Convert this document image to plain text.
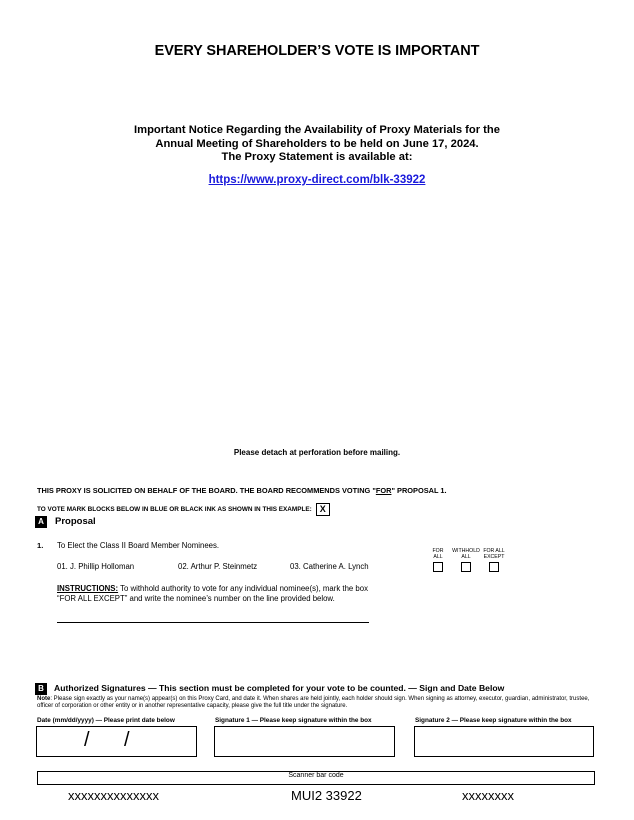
EVERY SHAREHOLDER’S VOTE IS IMPORTANT
Important Notice Regarding the Availability of Proxy Materials for the
Annual Meeting of Shareholders to be held on June 17, 2024.
The Proxy Statement is available at:
https://www.proxy-direct.com/blk-33922
Please detach at perforation before mailing.
THIS PROXY IS SOLICITED ON BEHALF OF THE BOARD. THE BOARD RECOMMENDS VOTING "FOR" PROPOSAL 1.
TO VOTE MARK BLOCKS BELOW IN BLUE OR BLACK INK AS SHOWN IN THIS EXAMPLE: X
A	Proposal
1. To Elect the Class II Board Member Nominees.
01. J. Phillip Holloman	02. Arthur P. Steinmetz	03. Catherine A. Lynch
FOR
ALL
WITHHOLD
ALL
FOR ALL
EXCEPT
INSTRUCTIONS: To withhold authority to vote for any individual nominee(s), mark the box “FOR ALL EXCEPT” and write the nominee’s number on the line provided below.
B	Authorized Signatures — This section must be completed for your vote to be counted. — Sign and Date Below
Note: Please sign exactly as your name(s) appear(s) on this Proxy Card, and date it. When shares are held jointly, each holder should sign. When signing as attorney, executor, guardian, administrator, trustee, officer of corporation or other entity or in another representative capacity, please give the full title under the signature.
Date (mm/dd/yyyy) — Please print date below	Signature 1 — Please keep signature within the box	Signature 2 — Please keep signature within the box
/ /
Scanner bar code
xxxxxxxxxxxxxx	MUI2 33922	xxxxxxxx
